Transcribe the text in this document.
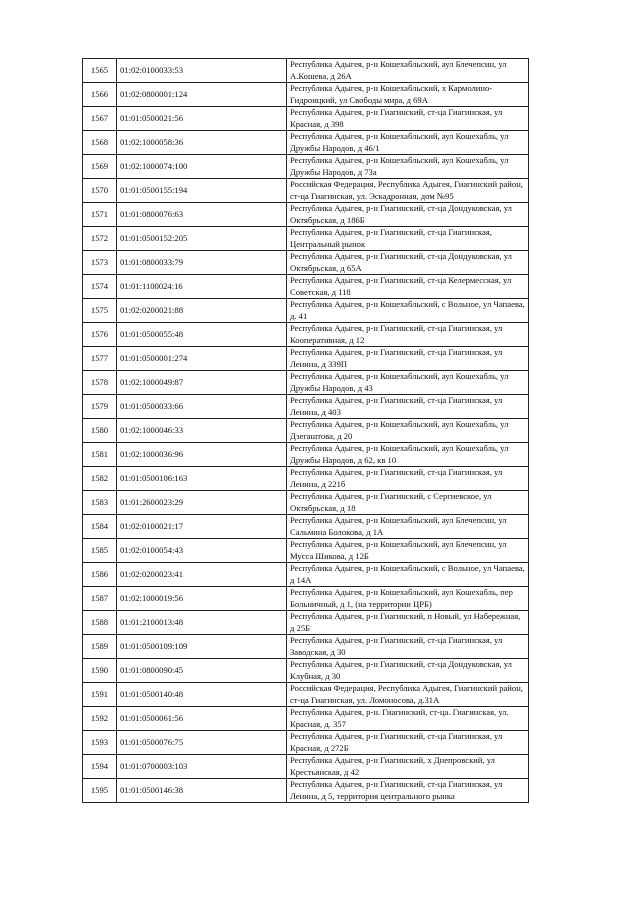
1565	01:02:0100033:53	Республика Адыгея, р-н Кошехабльский, аул Блечепсин, ул А.Кошева, д 26А
1566	01:02:0800001:124	Республика Адыгея, р-н Кошехабльский, х Кармолино-Гидроицкий, ул Свободы мира, д 69А
1567	01:01:0500021:56	Республика Адыгея, р-н Гиагинский, ст-ца Гиагинская, ул Красная, д 398
1568	01:02:1000058:36	Республика Адыгея, р-н Кошехабльский, аул Кошехабль, ул Дружбы Народов, д 46/1
1569	01:02:1000074:100	Республика Адыгея, р-н Кошехабльский, аул Кошехабль, ул Дружбы Народов, д 73а
1570	01:01:0500155:194	Российская Федерация, Республика Адыгея, Гиагинский район, ст-ца Гиагинская, ул. Эскадронная, дом №95
1571	01:01:0800076:63	Республика Адыгея, р-н Гиагинский, ст-ца Дондуковская, ул Октябрьская, д 186Б
1572	01:01:0500152:205	Республика Адыгея, р-н Гиагинский, ст-ца Гиагинская, Центральный рынок
1573	01:01:0800033:79	Республика Адыгея, р-н Гиагинский, ст-ца Дондуковская, ул Октябрьская, д 65А
1574	01:01:1100024:16	Республика Адыгея, р-н Гиагинский, ст-ца Келермесская, ул Советская, д 118
1575	01:02:0200021:88	Республика Адыгея, р-н Кошехабльский, с Вольное, ул Чапаева, д. 41
1576	01:01:0500055:48	Республика Адыгея, р-н Гиагинский, ст-ца Гиагинская, ул Кооперативная, д 12
1577	01:01:0500001:274	Республика Адыгея, р-н Гиагинский, ст-ца Гиагинская, ул Ленина, д 339П
1578	01:02:1000049:87	Республика Адыгея, р-н Кошехабльский, аул Кошехабль, ул Дружбы Народов, д 43
1579	01:01:0500033:66	Республика Адыгея, р-н Гиагинский, ст-ца Гиагинская, ул Ленина, д 403
1580	01:02:1000046:33	Республика Адыгея, р-н Кошехабльский, аул Кошехабль, ул Дзегаштова, д 20
1581	01:02:1000036:96	Республика Адыгея, р-н Кошехабльский, аул Кошехабль, ул Дружбы Народов, д 62, кв 10
1582	01:01:0500106:163	Республика Адыгея, р-н Гиагинский, ст-ца Гиагинская, ул Ленина, д 221б
1583	01:01:2600023:29	Республика Адыгея, р-н Гиагинский, с Сергиевское, ул Октябрьская, д 18
1584	01:02:0100021:17	Республика Адыгея, р-н Кошехабльский, аул Блечепсин, ул Сальмина Болокова, д 1А
1585	01:02:0100054:43	Республика Адыгея, р-н Кошехабльский, аул Блечепсин, ул Мусса Шикова, д 12Б
1586	01:02:0200023:41	Республика Адыгея, р-н Кошехабльский, с Вольное, ул Чапаева, д 14А
1587	01:02:1000019:56	Республика Адыгея, р-н Кошехабльский, аул Кошехабль, пер Больничный, д 1, (на территории ЦРБ)
1588	01:01:2100013:48	Республика Адыгея, р-н Гиагинский, п Новый, ул Набережная, д 25Б
1589	01:01:0500109:109	Республика Адыгея, р-н Гиагинский, ст-ца Гиагинская, ул Заводская, д 30
1590	01:01:0800090:45	Республика Адыгея, р-н Гиагинский, ст-ца Дондуковская, ул Клубная, д 30
1591	01:01:0500140:48	Российская Федерация, Республика Адыгея, Гиагинский район, ст-ца Гиагинская, ул. Ломоносова, д.31А
1592	01:01:0500061:56	Республика Адыгея, р-н. Гиагинский, ст-ца. Гиагинская, ул. Красная, д. 357
1593	01:01:0500076:75	Республика Адыгея, р-н Гиагинский, ст-ца Гиагинская, ул Красная, д 272Б
1594	01:01:0700003:103	Республика Адыгея, р-н Гиагинский, х Днепровский, ул Крестьянская, д 42
1595	01:01:0500146:38	Республика Адыгея, р-н Гиагинский, ст-ца Гиагинская, ул Ленина, д 5, территория центрального рынка
